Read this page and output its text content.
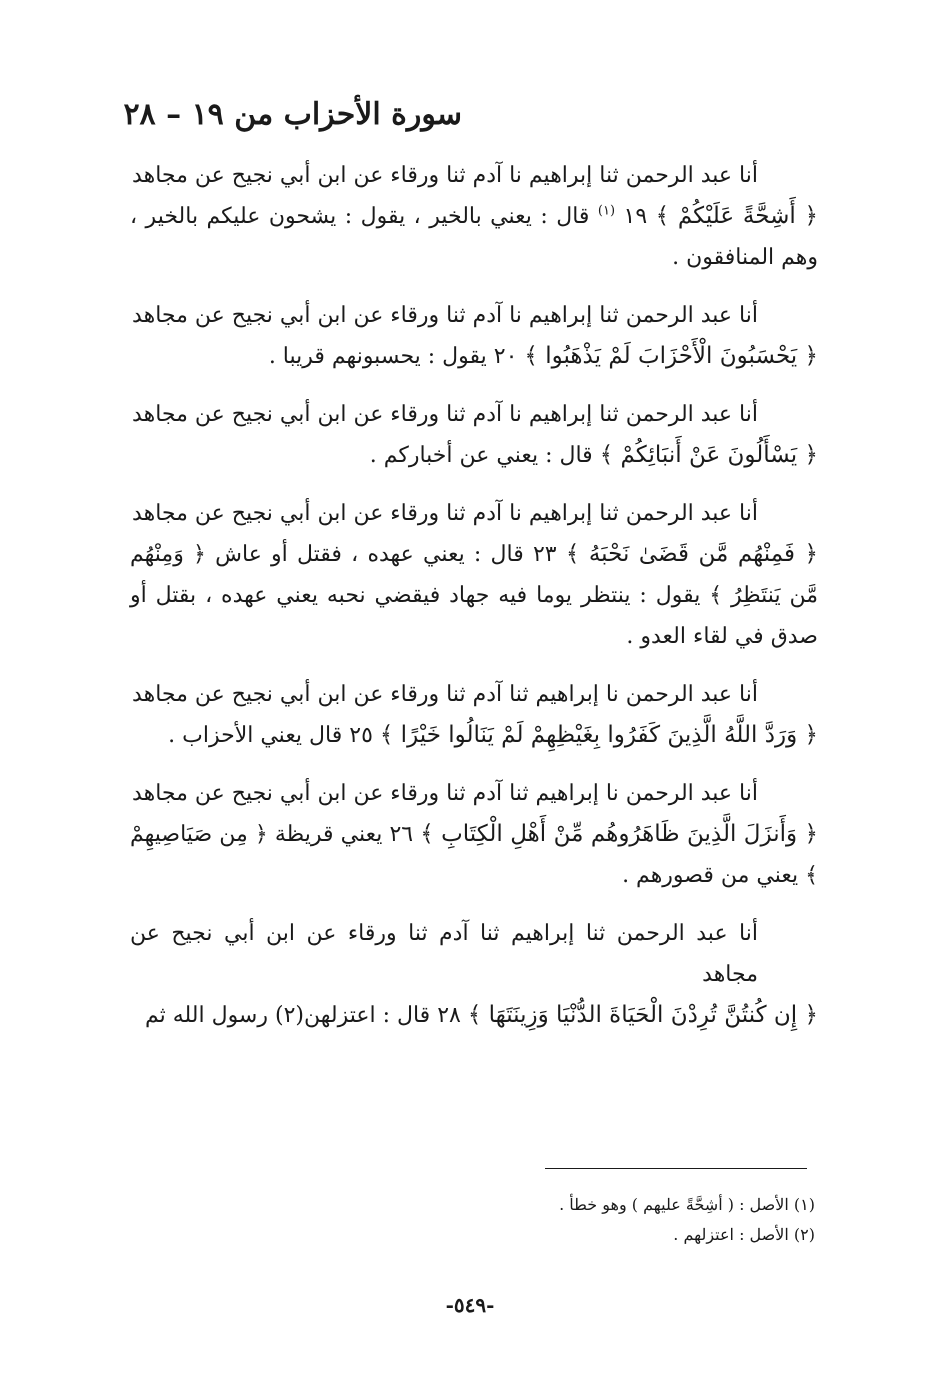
سورة الأحزاب من ١٩ – ٢٨

أنا عبد الرحمن ثنا إبراهيم نا آدم ثنا ورقاء عن ابن أبي نجيح عن مجاهد
﴿ أَشِحَّةً عَلَيْكُمْ ﴾ ١٩ $^{(١)}$ قال : يعني بالخير ، يقول : يشحون عليكم بالخير ، وهم المنافقون .

أنا عبد الرحمن ثنا إبراهيم نا آدم ثنا ورقاء عن ابن أبي نجيح عن مجاهد
﴿ يَحْسَبُونَ الْأَحْزَابَ لَمْ يَذْهَبُوا ﴾ ٢٠ يقول : يحسبونهم قريبا .

أنا عبد الرحمن ثنا إبراهيم نا آدم ثنا ورقاء عن ابن أبي نجيح عن مجاهد
﴿ يَسْأَلُونَ عَنْ أَنبَائِكُمْ ﴾ قال : يعني عن أخباركم .

أنا عبد الرحمن ثنا إبراهيم نا آدم ثنا ورقاء عن ابن أبي نجيح عن مجاهد
﴿ فَمِنْهُم مَّن قَضَىٰ نَحْبَهُ ﴾ ٢٣ قال : يعني عهده ، فقتل أو عاش ﴿ وَمِنْهُم مَّن يَنتَظِرُ ﴾ يقول : ينتظر يوما فيه جهاد فيقضي نحبه يعني عهده ، بقتل أو صدق في لقاء العدو .

أنا عبد الرحمن نا إبراهيم ثنا آدم ثنا ورقاء عن ابن أبي نجيح عن مجاهد
﴿ وَرَدَّ اللَّهُ الَّذِينَ كَفَرُوا بِغَيْظِهِمْ لَمْ يَنَالُوا خَيْرًا ﴾ ٢٥ قال يعني الأحزاب .

أنا عبد الرحمن نا إبراهيم ثنا آدم ثنا ورقاء عن ابن أبي نجيح عن مجاهد
﴿ وَأَنزَلَ الَّذِينَ ظَاهَرُوهُم مِّنْ أَهْلِ الْكِتَابِ ﴾ ٢٦ يعني قريظة ﴿ مِن صَيَاصِيهِمْ ﴾ يعني من قصورهم .

أنا عبد الرحمن ثنا إبراهيم ثنا آدم ثنا ورقاء عن ابن أبي نجيح عن مجاهد
﴿ إِن كُنتُنَّ تُرِدْنَ الْحَيَاةَ الدُّنْيَا وَزِينَتَهَا ﴾ ٢٨ قال : اعتزلهن(٢) رسول الله ثم

(١) الأصل : ( أشِحَّةً عليهم ) وهو خطأ .
(٢) الأصل : اعتزلهم .
-٥٤٩-
